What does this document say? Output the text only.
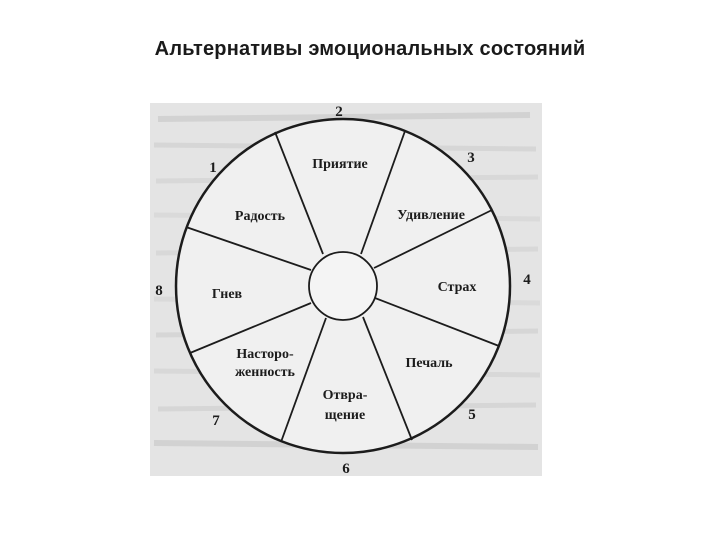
Альтернативы эмоциональных состояний
Приятие
Удивление
Страх
Печаль
Отвра-
щение
Насторо-
женность
Гнев
Радость
1
2
3
4
5
6
7
8
